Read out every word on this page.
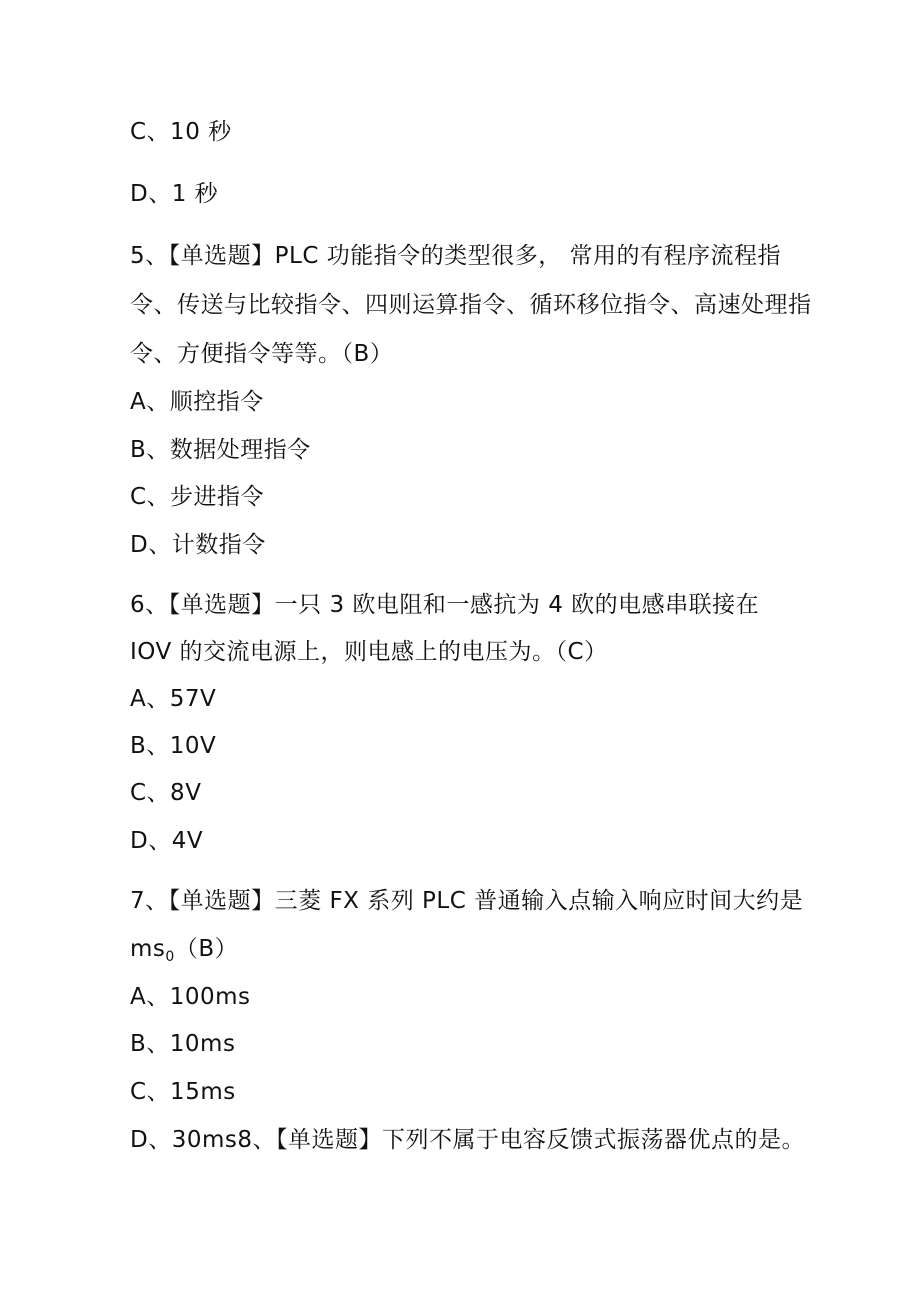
C、10 秒
D、1 秒
5、【单选题】PLC 功能指令的类型很多， 常用的有程序流程指
令、传送与比较指令、四则运算指令、循环移位指令、高速处理指
令、方便指令等等。（B）
A、顺控指令
B、数据处理指令
C、步进指令
D、计数指令
6、【单选题】一只 3 欧电阻和一感抗为 4 欧的电感串联接在
IOV 的交流电源上，则电感上的电压为。（C）
A、57V
B、10V
C、8V
D、4V
7、【单选题】三菱 FX 系列 PLC 普通输入点输入响应时间大约是
$ms_0(B)$
A、100ms
B、10ms
C、15ms
D、30ms8、【单选题】下列不属于电容反馈式振荡器优点的是。
